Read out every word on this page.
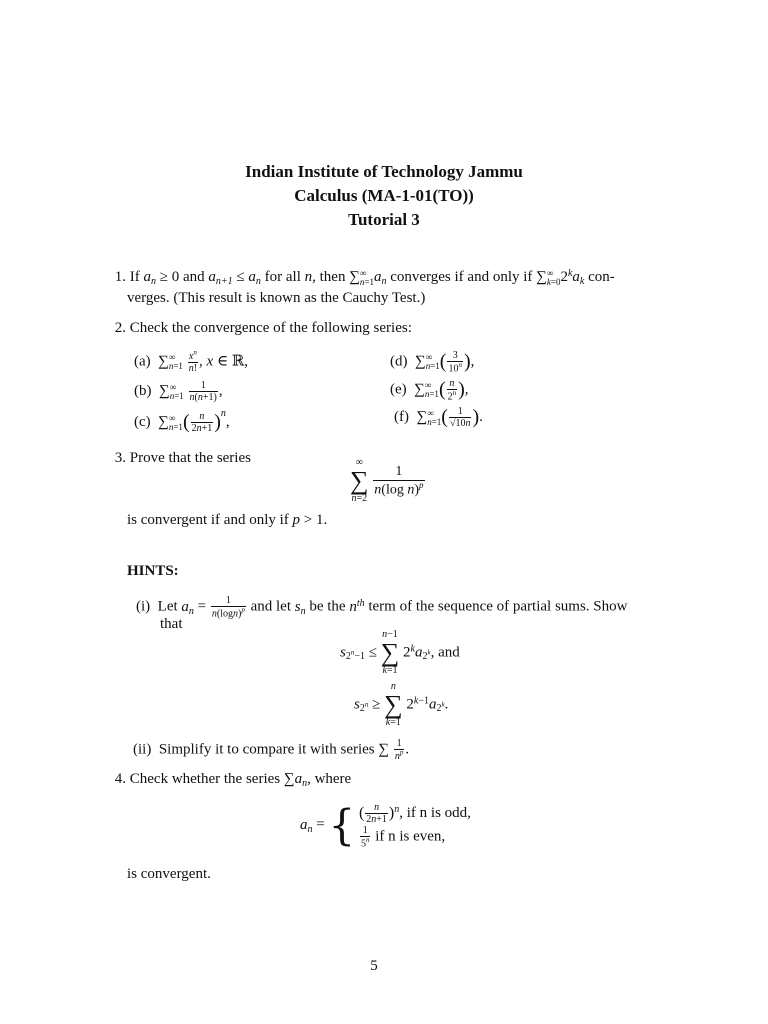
Indian Institute of Technology Jammu
Calculus (MA-1-01(TO))
Tutorial 3
1. If $a_n \ge 0$ and $a_{n+1} \le a_n$ for all n, then ∑ ∞
n=1 $a_n$ converges if and only if ∑ ∞
k=0 $2^ka_k$ con-
verges. (This result is known as the Cauchy Test.)
2. Check the convergence of the following series:
(a)  ∑ ∞
n=1
$\frac{x^n}{n!}$ , x ∈ ℝ,
(b)  ∑ ∞
n=1
$\frac{1}{n(n+1)}$ ,
(c)  ∑ ∞
n=1 ( $\frac{n}{2n+1} )^n$,
(d)  ∑ ∞
n=1 ( $\frac{3}{10^n}$ ),
(e)  ∑ ∞
n=1 ( $\frac{n}{2^n}$ ),
(f)  ∑ ∞
n=1 ( $\frac{1}{√10n}$ ).
3. Prove that the series	∞
∑
n=2

$\frac{1}{n(\log n)^p}$
is convergent if and only if p > 1.
HINTS:
(i) Let $a_n = \frac{1}{n(\log n)^p}$ and let $s_n$ be the $n^{th}$ term of the sequence of partial sums. Show
that
$s_{2^n-1}$ ≤
n−1
∑
k=1
$2^ka_{2^k}$, and
$s_{2^n}$ ≥
n
∑
k=1
$2^{k-1}a_{2^k}$.
(ii) Simplify it to compare it with series ∑ $\frac{1}{n^p}$ .
4. Check whether the series $\sum a_n$, where
$a_n$ = { ( $\frac{n}{2n+1} )^n$, if n is odd,
$\frac{1}{5^n}$ if n is even,
is convergent.
5
